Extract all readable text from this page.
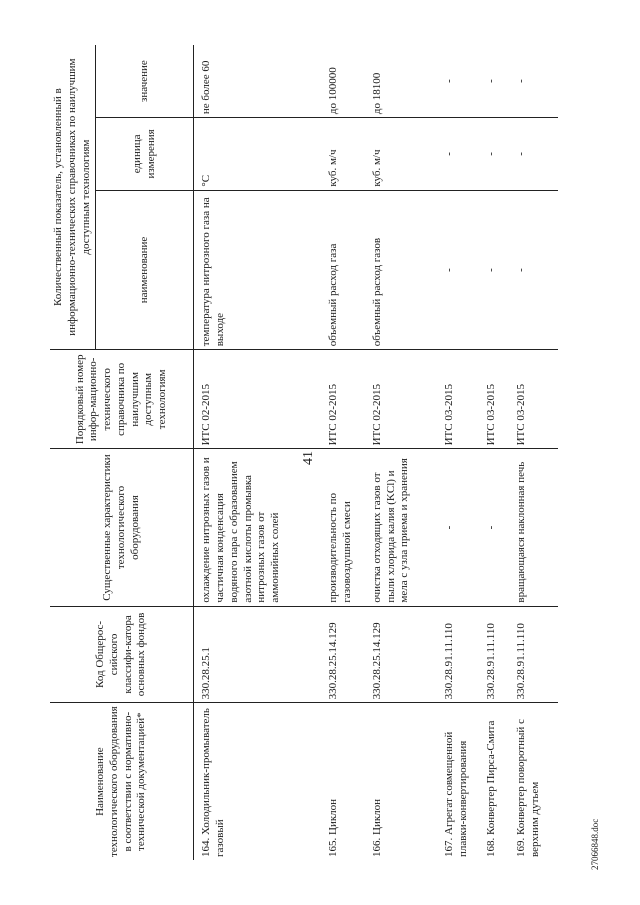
41
27066848.doc
Наименование технологического оборудования в соответствии с нормативно-технической документацией*	Код Общерос-сийского классифи-катора основных фондов	Существенные характеристики технологического оборудования	Порядковый номер инфор-мационно-технического справочника по наилучшим доступным технологиям	Количественный показатель, установленный в информационно-технических справочниках по наилучшим доступным технологиям		
				наименование	единица измерения	значение
164.Холодильник-промыватель газовый	330.28.25.1	охлаждение нитрозных газов и частичная конденсация водяного пара с образованием азотной кислоты промывка нитрозных газов от аммонийных солей	ИТС 02-2015	температура нитрозного газа на выходе	°С	не более 60
165.Циклон	330.28.25.14.129	производительность по газовоздушной смеси	ИТС 02-2015	объемный расход газа	куб. м/ч	до 100000
166.Циклон	330.28.25.14.129	очистка отходящих газов от пыли хлорида калия (KCl) и мела с узла приема и хранения	ИТС 02-2015	объемный расход газов	куб. м/ч	до 18100
167.Агрегат совмещенной плавки-конвертирования	330.28.91.11.110	-	ИТС 03-2015	-	-	-
168.Конвертер Пирса-Смита	330.28.91.11.110	-	ИТС 03-2015	-	-	-
169.Конвертер поворотный с верхним дутьем	330.28.91.11.110	вращающаяся наклонная печь	ИТС 03-2015	-	-	-
